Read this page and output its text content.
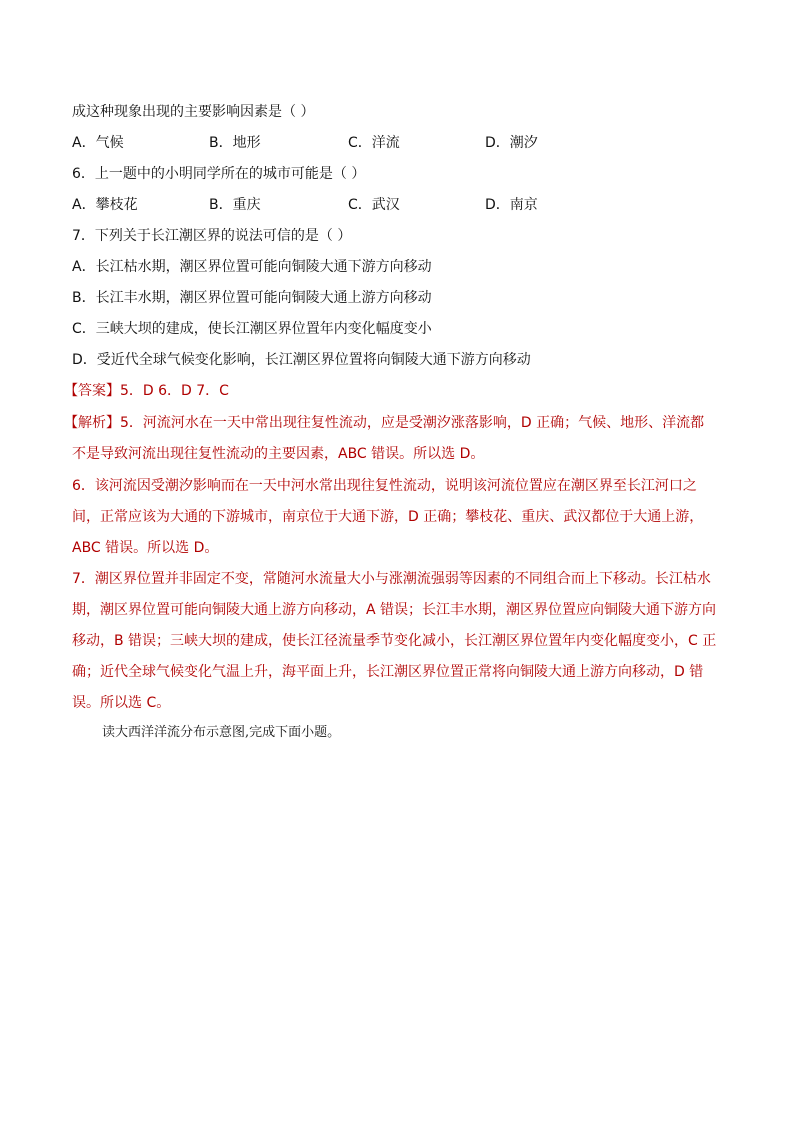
成这种现象出现的主要影响因素是（ ）
A．气候	B．地形	C．洋流	D．潮汐
6．上一题中的小明同学所在的城市可能是（ ）
A．攀枝花	B．重庆	C．武汉	D．南京
7．下列关于长江潮区界的说法可信的是（ ）
A．长江枯水期，潮区界位置可能向铜陵大通下游方向移动
B．长江丰水期，潮区界位置可能向铜陵大通上游方向移动
C．三峡大坝的建成，使长江潮区界位置年内变化幅度变小
D．受近代全球气候变化影响，长江潮区界位置将向铜陵大通下游方向移动
【答案】5．D 6．D 7．C
【解析】5．河流河水在一天中常出现往复性流动，应是受潮汐涨落影响，D 正确；气候、地形、洋流都
不是导致河流出现往复性流动的主要因素，ABC 错误。所以选 D。
6．该河流因受潮汐影响而在一天中河水常出现往复性流动，说明该河流位置应在潮区界至长江河口之
间，正常应该为大通的下游城市，南京位于大通下游，D 正确；攀枝花、重庆、武汉都位于大通上游，
ABC 错误。所以选 D。
7．潮区界位置并非固定不变，常随河水流量大小与涨潮流强弱等因素的不同组合而上下移动。长江枯水
期，潮区界位置可能向铜陵大通上游方向移动，A 错误；长江丰水期，潮区界位置应向铜陵大通下游方向
移动，B 错误；三峡大坝的建成，使长江径流量季节变化减小，长江潮区界位置年内变化幅度变小，C 正
确；近代全球气候变化气温上升，海平面上升，长江潮区界位置正常将向铜陵大通上游方向移动，D 错
误。所以选 C。
读大西洋洋流分布示意图,完成下面小题。
